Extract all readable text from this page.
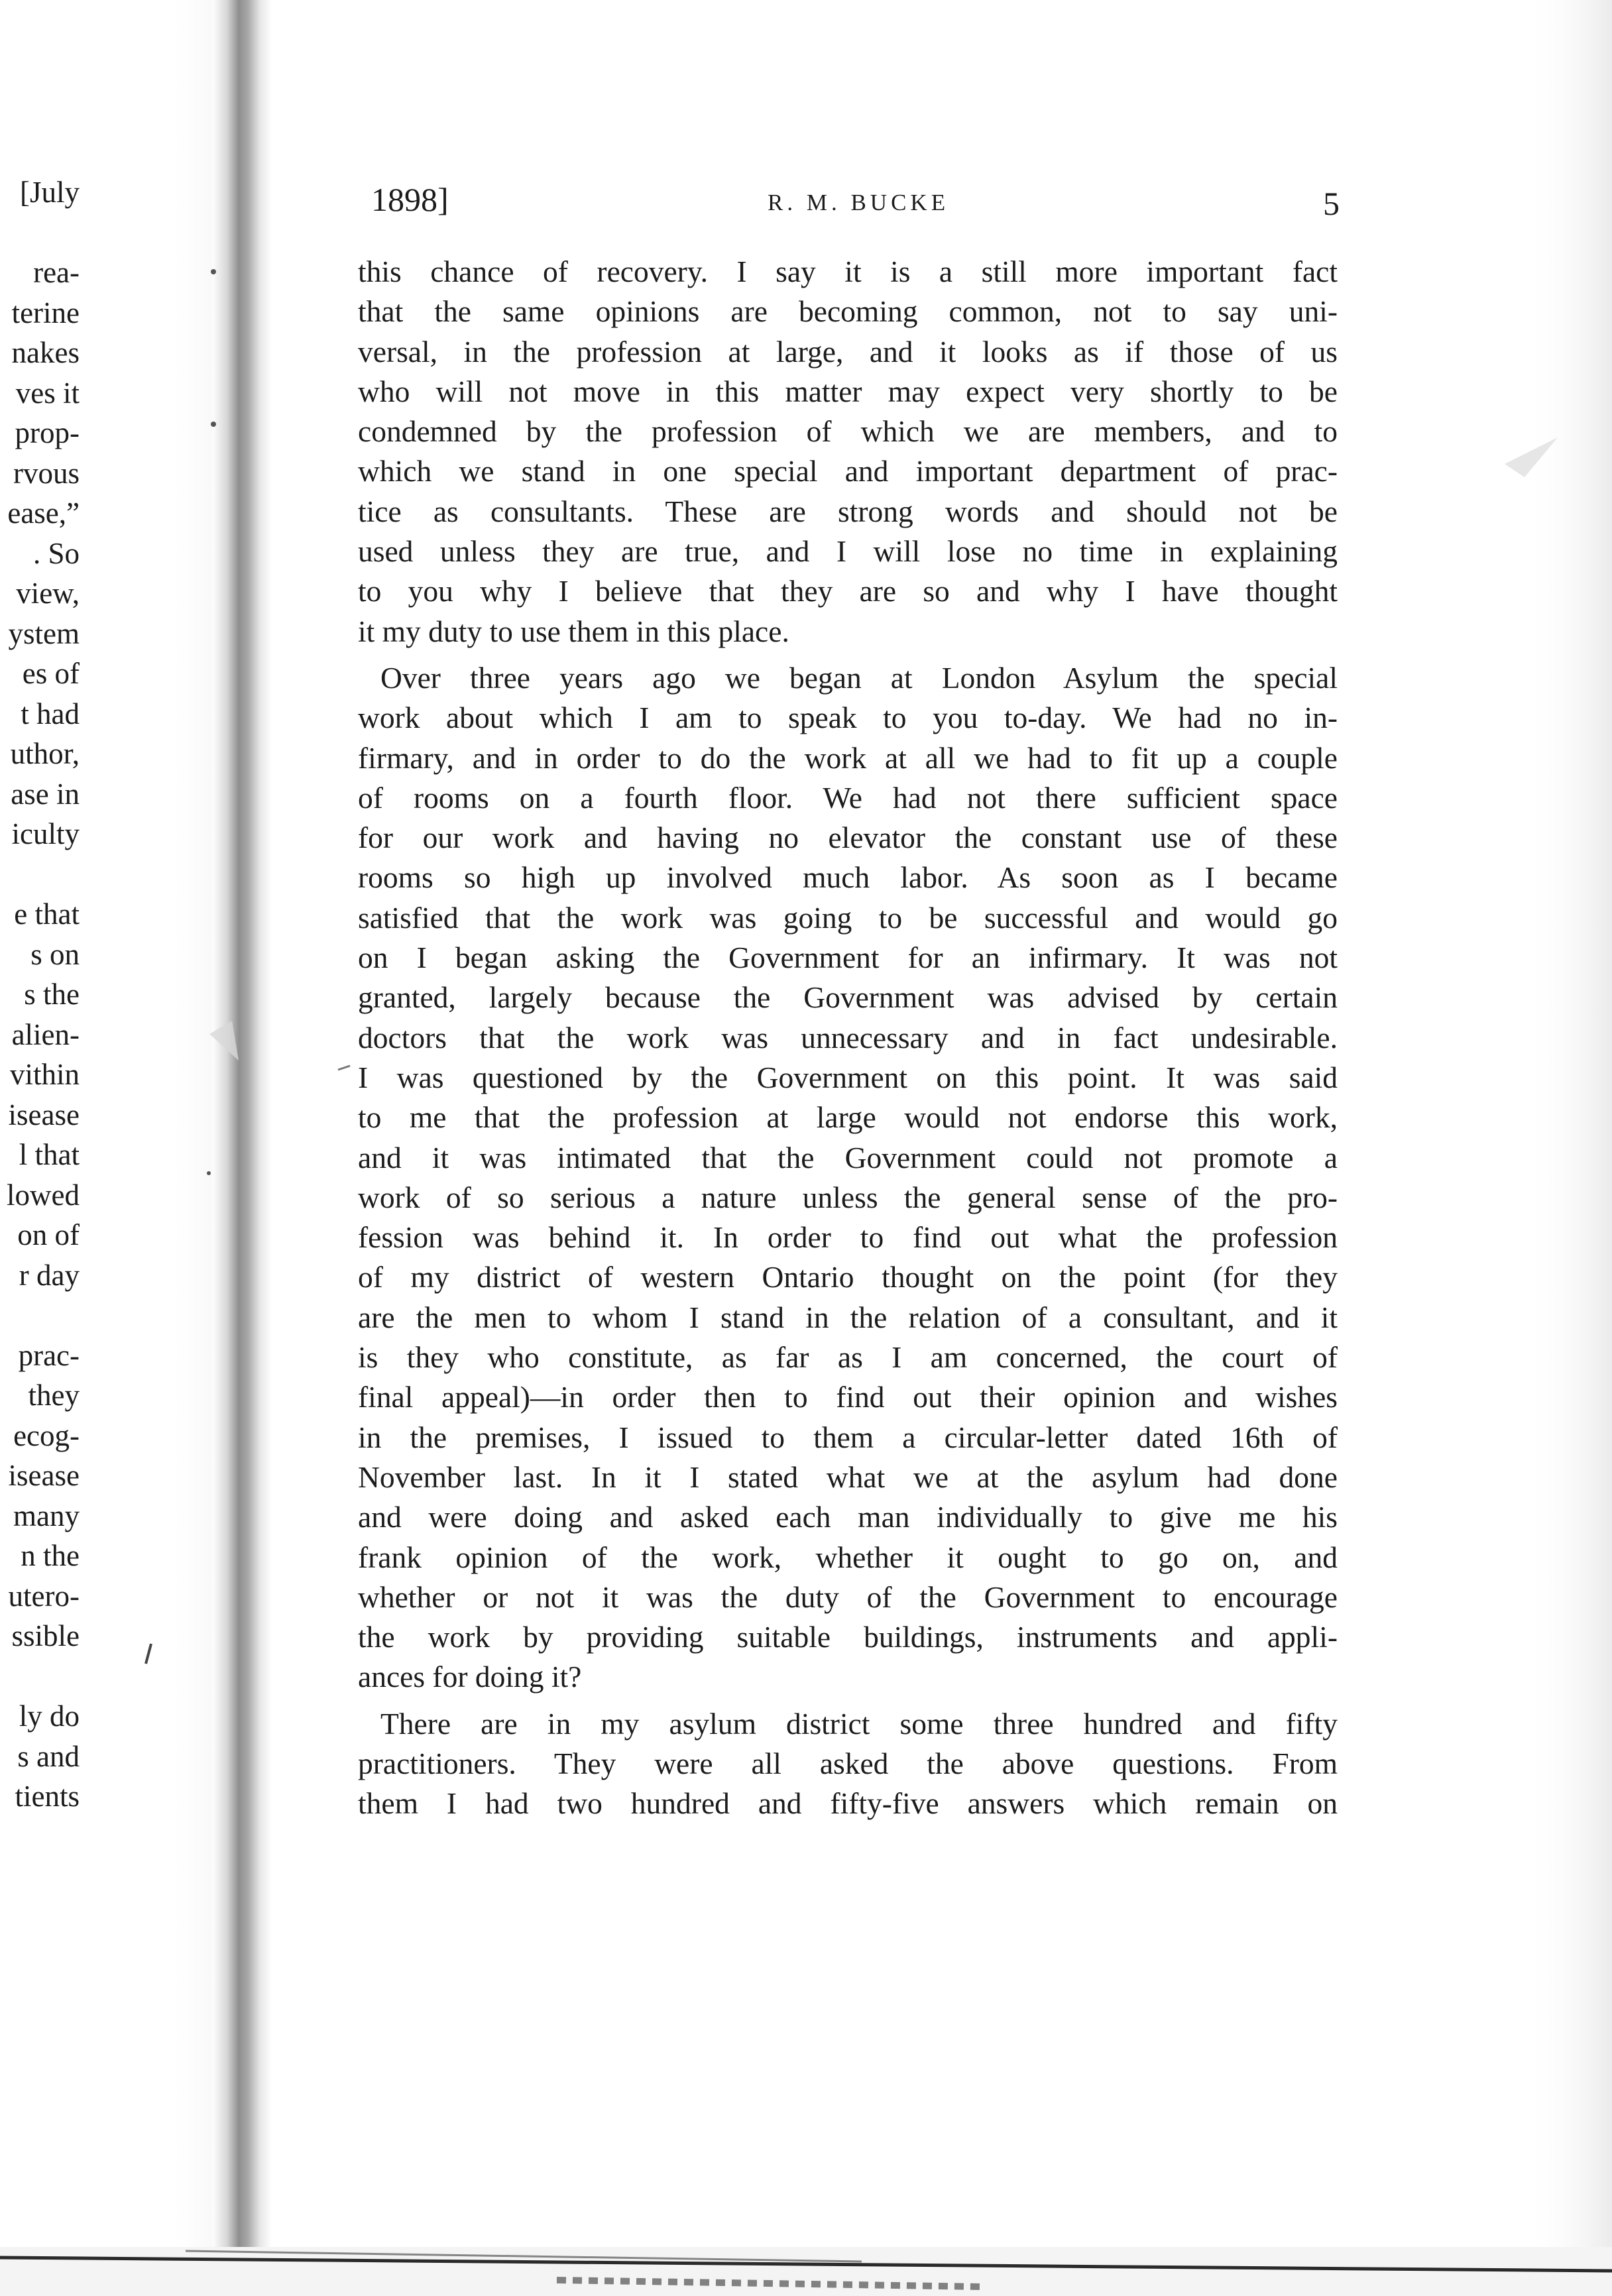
[July
rea-
terine
nakes
ves it
prop-
rvous
ease,”
. So
view,
ystem
es of
t had
uthor,
ase in
iculty
e that
s on
s the
alien-
vithin
isease
l that
lowed
on of
r day
prac-
they
ecog-
isease
many
n the
utero-
ssible
ly do
s and
tients
1898]	R. M. BUCKE	5
this chance of recovery. I say it is a still more important fact
that the same opinions are becoming common, not to say uni-
versal, in the profession at large, and it looks as if those of us
who will not move in this matter may expect very shortly to be
condemned by the profession of which we are members, and to
which we stand in one special and important department of prac-
tice as consultants. These are strong words and should not be
used unless they are true, and I will lose no time in explaining
to you why I believe that they are so and why I have thought
it my duty to use them in this place.
Over three years ago we began at London Asylum the special
work about which I am to speak to you to-day. We had no in-
firmary, and in order to do the work at all we had to fit up a couple
of rooms on a fourth floor. We had not there sufficient space
for our work and having no elevator the constant use of these
rooms so high up involved much labor. As soon as I became
satisfied that the work was going to be successful and would go
on I began asking the Government for an infirmary. It was not
granted, largely because the Government was advised by certain
doctors that the work was unnecessary and in fact undesirable.
I was questioned by the Government on this point. It was said
to me that the profession at large would not endorse this work,
and it was intimated that the Government could not promote a
work of so serious a nature unless the general sense of the pro-
fession was behind it. In order to find out what the profession
of my district of western Ontario thought on the point (for they
are the men to whom I stand in the relation of a consultant, and it
is they who constitute, as far as I am concerned, the court of
final appeal)—in order then to find out their opinion and wishes
in the premises, I issued to them a circular-letter dated 16th of
November last. In it I stated what we at the asylum had done
and were doing and asked each man individually to give me his
frank opinion of the work, whether it ought to go on, and
whether or not it was the duty of the Government to encourage
the work by providing suitable buildings, instruments and appli-
ances for doing it?
There are in my asylum district some three hundred and fifty
practitioners. They were all asked the above questions. From
them I had two hundred and fifty-five answers which remain on
